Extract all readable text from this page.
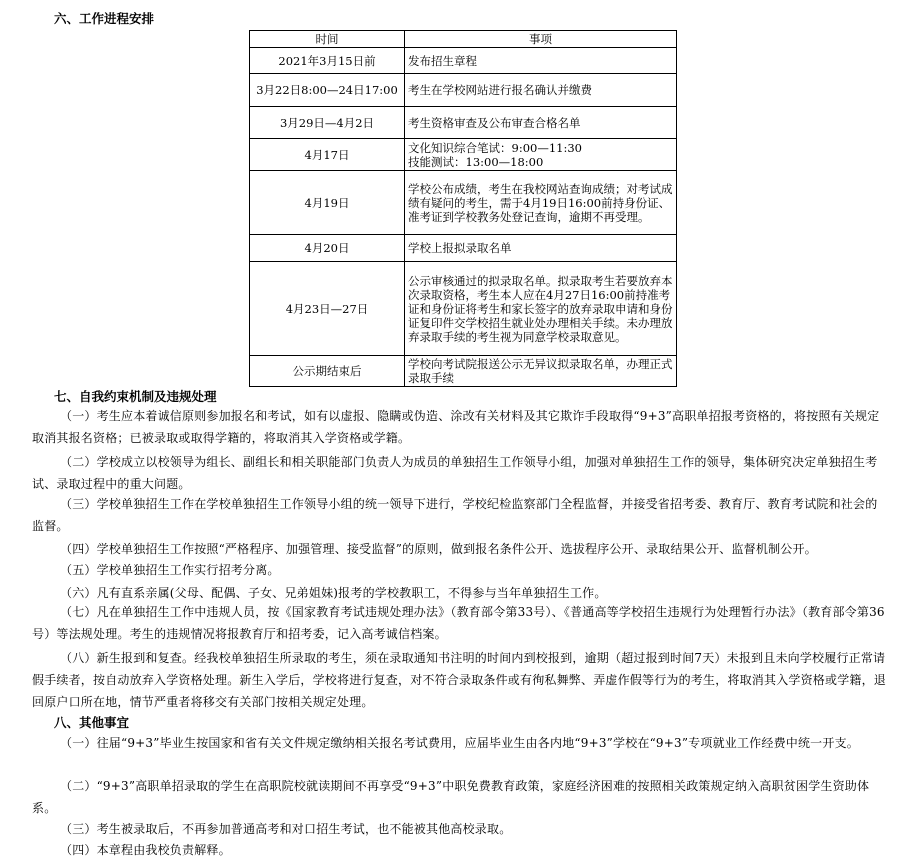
六、工作进程安排
时间	事项
2021年3月15日前	发布招生章程
3月22日8:00—24日17:00	考生在学校网站进行报名确认并缴费
3月29日—4月2日	考生资格审查及公布审查合格名单
4月17日	文化知识综合笔试：9:00—11:30
技能测试：13:00—18:00
4月19日	学校公布成绩，考生在我校网站查询成绩；对考试成绩有疑问的考生，需于4月19日16:00前持身份证、准考证到学校教务处登记查询，逾期不再受理。
4月20日	学校上报拟录取名单
4月23日—27日	公示审核通过的拟录取名单。拟录取考生若要放弃本次录取资格，考生本人应在4月27日16:00前持准考证和身份证将考生和家长签字的放弃录取申请和身份证复印件交学校招生就业处办理相关手续。未办理放弃录取手续的考生视为同意学校录取意见。
公示期结束后	学校向考试院报送公示无异议拟录取名单，办理正式录取手续
七、自我约束机制及违规处理
（一）考生应本着诚信原则参加报名和考试，如有以虚报、隐瞒或伪造、涂改有关材料及其它欺诈手段取得“9+3”高职单招报考资格的，将按照有关规定取消其报名资格；已被录取或取得学籍的，将取消其入学资格或学籍。
（二）学校成立以校领导为组长、副组长和相关职能部门负责人为成员的单独招生工作领导小组，加强对单独招生工作的领导，集体研究决定单独招生考试、录取过程中的重大问题。
（三）学校单独招生工作在学校单独招生工作领导小组的统一领导下进行，学校纪检监察部门全程监督，并接受省招考委、教育厅、教育考试院和社会的监督。
（四）学校单独招生工作按照“严格程序、加强管理、接受监督”的原则，做到报名条件公开、选拔程序公开、录取结果公开、监督机制公开。
（五）学校单独招生工作实行招考分离。
（六）凡有直系亲属(父母、配偶、子女、兄弟姐妹)报考的学校教职工，不得参与当年单独招生工作。
（七）凡在单独招生工作中违规人员，按《国家教育考试违规处理办法》（教育部令第33号）、《普通高等学校招生违规行为处理暂行办法》（教育部令第36号）等法规处理。考生的违规情况将报教育厅和招考委，记入高考诚信档案。
（八）新生报到和复查。经我校单独招生所录取的考生，须在录取通知书注明的时间内到校报到，逾期（超过报到时间7天）未报到且未向学校履行正常请假手续者，按自动放弃入学资格处理。新生入学后，学校将进行复查，对不符合录取条件或有徇私舞弊、弄虚作假等行为的考生，将取消其入学资格或学籍，退回原户口所在地，情节严重者将移交有关部门按相关规定处理。
八、其他事宜
（一）往届“9+3”毕业生按国家和省有关文件规定缴纳相关报名考试费用，应届毕业生由各内地“9+3”学校在“9+3”专项就业工作经费中统一开支。
（二）“9+3”高职单招录取的学生在高职院校就读期间不再享受“9+3”中职免费教育政策，家庭经济困难的按照相关政策规定纳入高职贫困学生资助体系。
（三）考生被录取后，不再参加普通高考和对口招生考试，也不能被其他高校录取。
（四）本章程由我校负责解释。
